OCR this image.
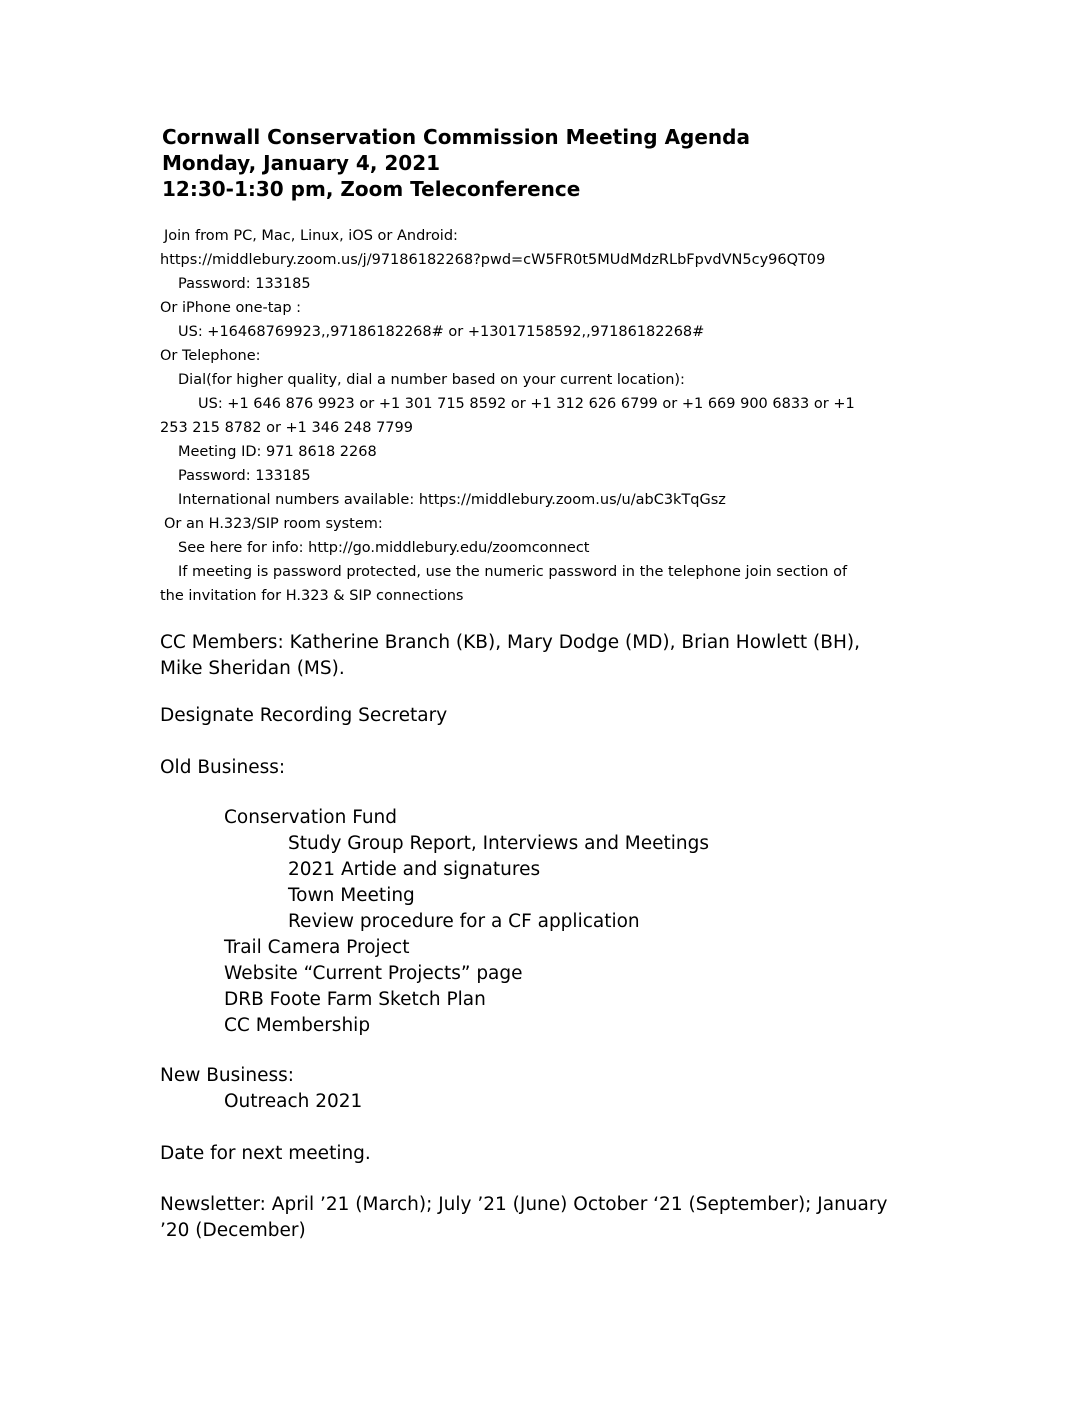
Cornwall Conservation Commission Meeting Agenda
Monday, January 4, 2021
12:30-1:30 pm, Zoom Teleconference
Join from PC, Mac, Linux, iOS or Android:
https://middlebury.zoom.us/j/97186182268?pwd=cW5FR0t5MUdMdzRLbFpvdVN5cy96QT09
Password: 133185
Or iPhone one-tap :
US: +16468769923,,97186182268# or +13017158592,,97186182268#
Or Telephone:
Dial(for higher quality, dial a number based on your current location):
US: +1 646 876 9923 or +1 301 715 8592 or +1 312 626 6799 or +1 669 900 6833 or +1
253 215 8782 or +1 346 248 7799
Meeting ID: 971 8618 2268
Password: 133185
International numbers available: https://middlebury.zoom.us/u/abC3kTqGsz
Or an H.323/SIP room system:
See here for info: http://go.middlebury.edu/zoomconnect
If meeting is password protected, use the numeric password in the telephone join section of
the invitation for H.323 & SIP connections
CC Members: Katherine Branch (KB), Mary Dodge (MD), Brian Howlett (BH),
Mike Sheridan (MS).
Designate Recording Secretary
Old Business:
Conservation Fund
Study Group Report, Interviews and Meetings
2021 Artide and signatures
Town Meeting
Review procedure for a CF application
Trail Camera Project
Website “Current Projects” page
DRB Foote Farm Sketch Plan
CC Membership
New Business:
Outreach 2021
Date for next meeting.
Newsletter: April ’21 (March); July ’21 (June) October ‘21 (September); January
’20 (December)
